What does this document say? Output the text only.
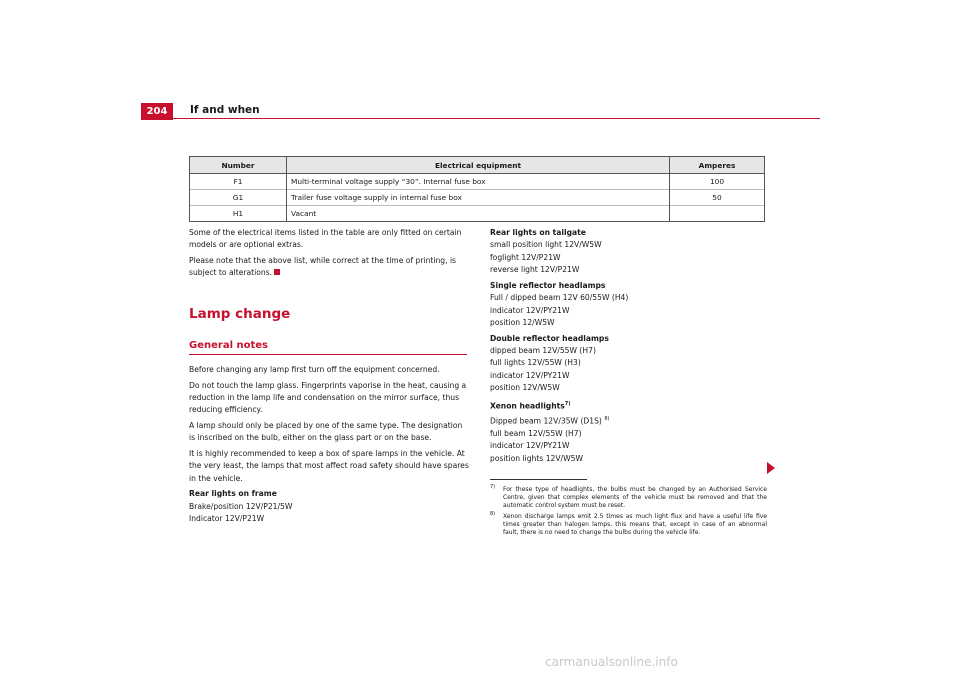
204	If and when
Number	Electrical equipment	Amperes
F1	Multi-terminal voltage supply “30”. Internal fuse box	100
G1	Trailer fuse voltage supply in internal fuse box	50
H1	Vacant	

Some of the electrical items listed in the table are only fitted on certain models or are optional extras.

Please note that the above list, while correct at the time of printing, is subject to alterations.

Lamp change
General notes

Before changing any lamp first turn off the equipment concerned.

Do not touch the lamp glass. Fingerprints vaporise in the heat, causing a reduction in the lamp life and condensation on the mirror surface, thus reducing efficiency.

A lamp should only be placed by one of the same type. The designation is inscribed on the bulb, either on the glass part or on the base.

It is highly recommended to keep a box of spare lamps in the vehicle. At the very least, the lamps that most affect road safety should have spares in the vehicle.

Rear lights on frame
Brake/position 12V/P21/5W
Indicator 12V/P21W
Rear lights on tailgate
small position light 12V/W5W
foglight 12V/P21W

reverse light 12V/P21W

Single reflector headlamps
Full / dipped beam 12V 60/55W (H4)
indicator 12V/PY21W

position 12/W5W

Double reflector headlamps
dipped beam 12V/55W (H7)
full lights 12V/55W (H3)
indicator 12V/PY21W

position 12V/W5W

Xenon headlights$^{7)}$
Dipped beam 12V/35W (D1S) $^{8)}$
full beam 12V/55W (H7)
indicator 12V/PY21W
position lights 12V/W5W
7)	For these type of headlights, the bulbs must be changed by an Authorised Service Centre, given that complex elements of the vehicle must be removed and that the automatic control system must be reset.
8)	Xenon discharge lamps emit 2.5 times as much light flux and have a useful life five times greater than halogen lamps, this means that, except in case of an abnormal fault, there is no need to change the bulbs during the vehicle life.
carmanualsonline.info
